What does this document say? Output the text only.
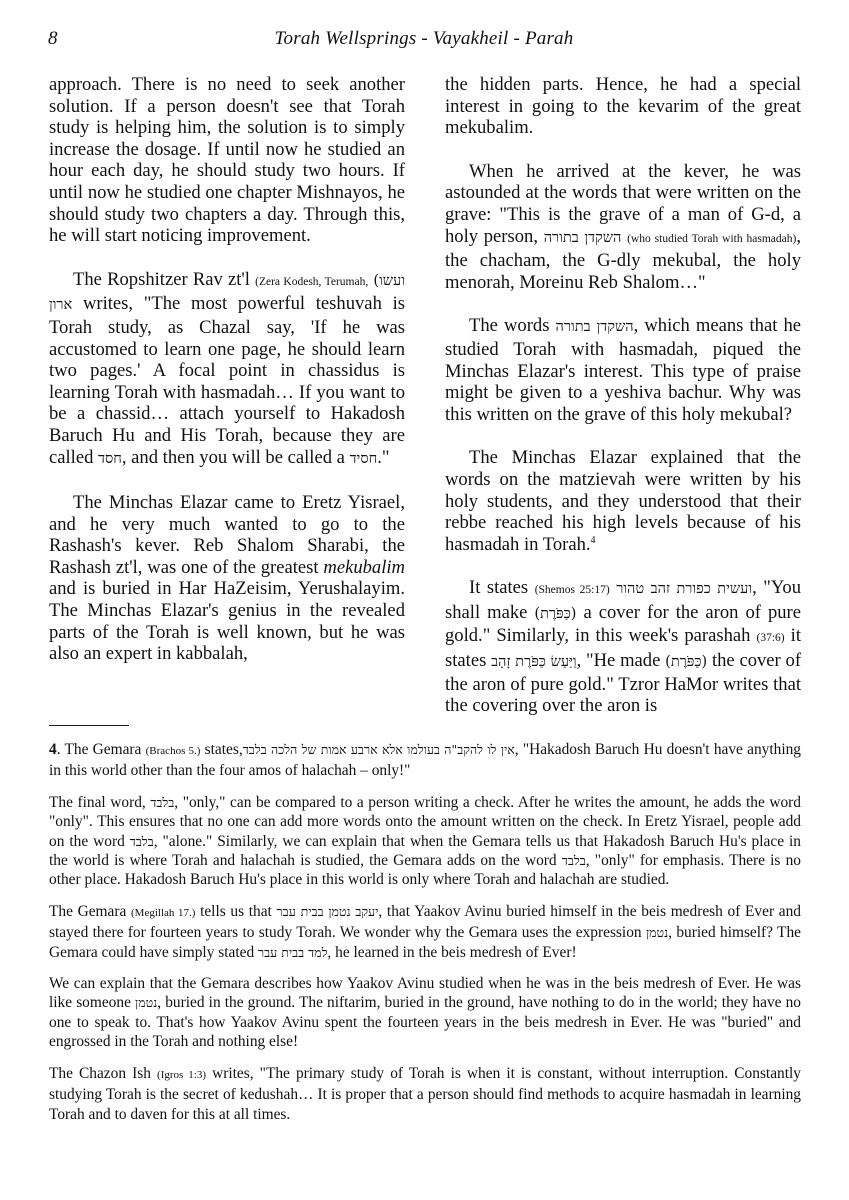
8	Torah Wellsprings - Vayakheil - Parah

approach. There is no need to seek another solution. If a person doesn't see that Torah study is helping him, the solution is to simply increase the dosage. If until now he studied an hour each day, he should study two hours. If until now he studied one chapter Mishnayos, he should study two chapters a day. Through this, he will start noticing improvement.

The Ropshitzer Rav zt'l (Zera Kodesh, Terumah, (ועשו ארון writes, "The most powerful teshuvah is Torah study, as Chazal say, 'If he was accustomed to learn one page, he should learn two pages.' A focal point in chassidus is learning Torah with hasmadah… If you want to be a chassid… attach yourself to Hakadosh Baruch Hu and His Torah, because they are called חסד, and then you will be called a חסיד."

The Minchas Elazar came to Eretz Yisrael, and he very much wanted to go to the Rashash's kever. Reb Shalom Sharabi, the Rashash zt'l, was one of the greatest mekubalim and is buried in Har HaZeisim, Yerushalayim. The Minchas Elazar's genius in the revealed parts of the Torah is well known, but he was also an expert in kabbalah,

the hidden parts. Hence, he had a special interest in going to the kevarim of the great mekubalim.

When he arrived at the kever, he was astounded at the words that were written on the grave: "This is the grave of a man of G-d, a holy person, השקדן בתורה (who studied Torah with hasmadah), the chacham, the G-dly mekubal, the holy menorah, Moreinu Reb Shalom…"

The words השקדן בתורה, which means that he studied Torah with hasmadah, piqued the Minchas Elazar's interest. This type of praise might be given to a yeshiva bachur. Why was this written on the grave of this holy mekubal?

The Minchas Elazar explained that the words on the matzievah were written by his holy students, and they understood that their rebbe reached his high levels because of his hasmadah in Torah.$^4$

It states (Shemos 25:17) ועשית כפורת זהב טהור, "You shall make (כַּפֹּרֶת) a cover for the aron of pure gold." Similarly, in this week's parashah (37:6) it states וַיַּעַשׂ כַּפֹּרֶת זָהָב, "He made (כַּפֹּרֶת) the cover of the aron of pure gold." Tzror HaMor writes that the covering over the aron is

4. The Gemara (Brachos 5.) states,אין לו להקב"ה בעולמו אלא ארבע אמות של הלכה בלבד, "Hakadosh Baruch Hu doesn't have anything in this world other than the four amos of halachah – only!"

The final word, בלבד, "only," can be compared to a person writing a check. After he writes the amount, he adds the word "only". This ensures that no one can add more words onto the amount written on the check. In Eretz Yisrael, people add on the word בלבד, "alone." Similarly, we can explain that when the Gemara tells us that Hakadosh Baruch Hu's place in the world is where Torah and halachah is studied, the Gemara adds on the word בלבד, "only" for emphasis. There is no other place. Hakadosh Baruch Hu's place in this world is only where Torah and halachah are studied.

The Gemara (Megillah 17.) tells us that יעקב נטמן בבית עבר, that Yaakov Avinu buried himself in the beis medresh of Ever and stayed there for fourteen years to study Torah. We wonder why the Gemara uses the expression נטמן, buried himself? The Gemara could have simply stated למד בבית עבר, he learned in the beis medresh of Ever!

We can explain that the Gemara describes how Yaakov Avinu studied when he was in the beis medresh of Ever. He was like someone נטמן, buried in the ground. The niftarim, buried in the ground, have nothing to do in the world; they have no one to speak to. That's how Yaakov Avinu spent the fourteen years in the beis medresh in Ever. He was "buried" and engrossed in the Torah and nothing else!

The Chazon Ish (Igros 1:3) writes, "The primary study of Torah is when it is constant, without interruption. Constantly studying Torah is the secret of kedushah… It is proper that a person should find methods to acquire hasmadah in learning Torah and to daven for this at all times.
